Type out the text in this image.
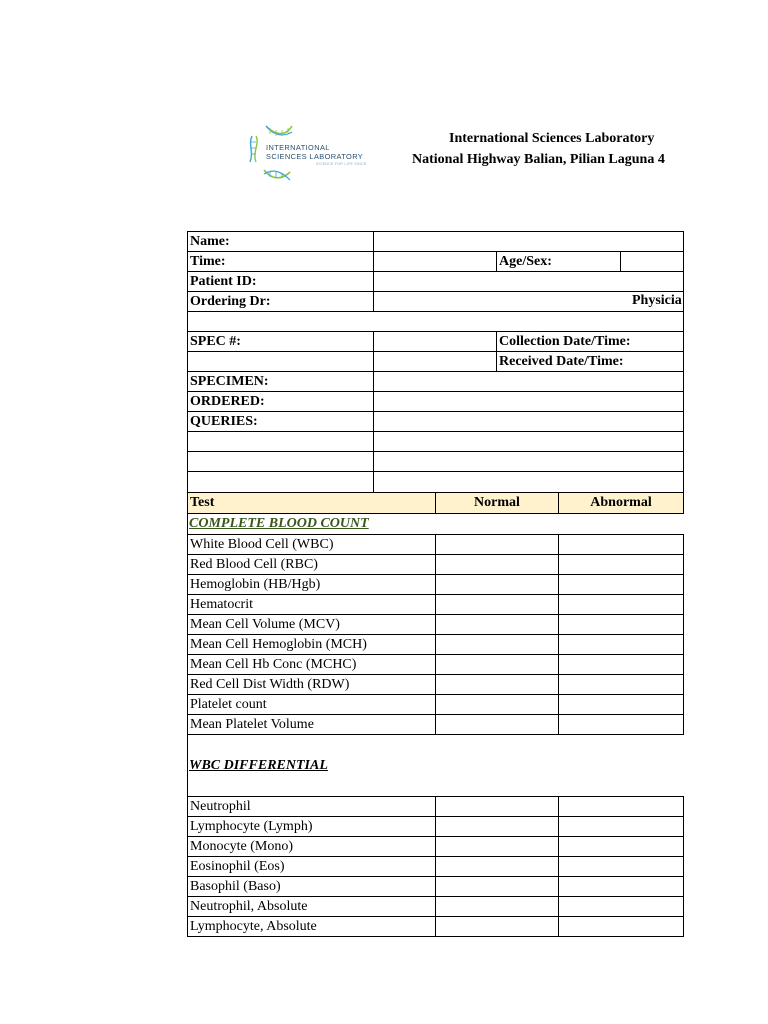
INTERNATIONAL
SCIENCES LABORATORY
SCIENCE FOR LIFE SINCE
International Sciences Laboratory
National Highway Balian, Pilian Laguna 4
Name:
Time:	Age/Sex:
Patient ID:
Ordering Dr:	Physicia
SPEC #:	Collection Date/Time:
Received Date/Time:
SPECIMEN:
ORDERED:
QUERIES:
Test	Normal	Abnormal
COMPLETE BLOOD COUNT
White Blood Cell (WBC)
Red Blood Cell (RBC)
Hemoglobin (HB/Hgb)
Hematocrit
Mean Cell Volume (MCV)
Mean Cell Hemoglobin (MCH)
Mean Cell Hb Conc (MCHC)
Red Cell Dist Width (RDW)
Platelet count
Mean Platelet Volume
WBC DIFFERENTIAL
Neutrophil
Lymphocyte (Lymph)
Monocyte (Mono)
Eosinophil (Eos)
Basophil (Baso)
Neutrophil, Absolute
Lymphocyte, Absolute
